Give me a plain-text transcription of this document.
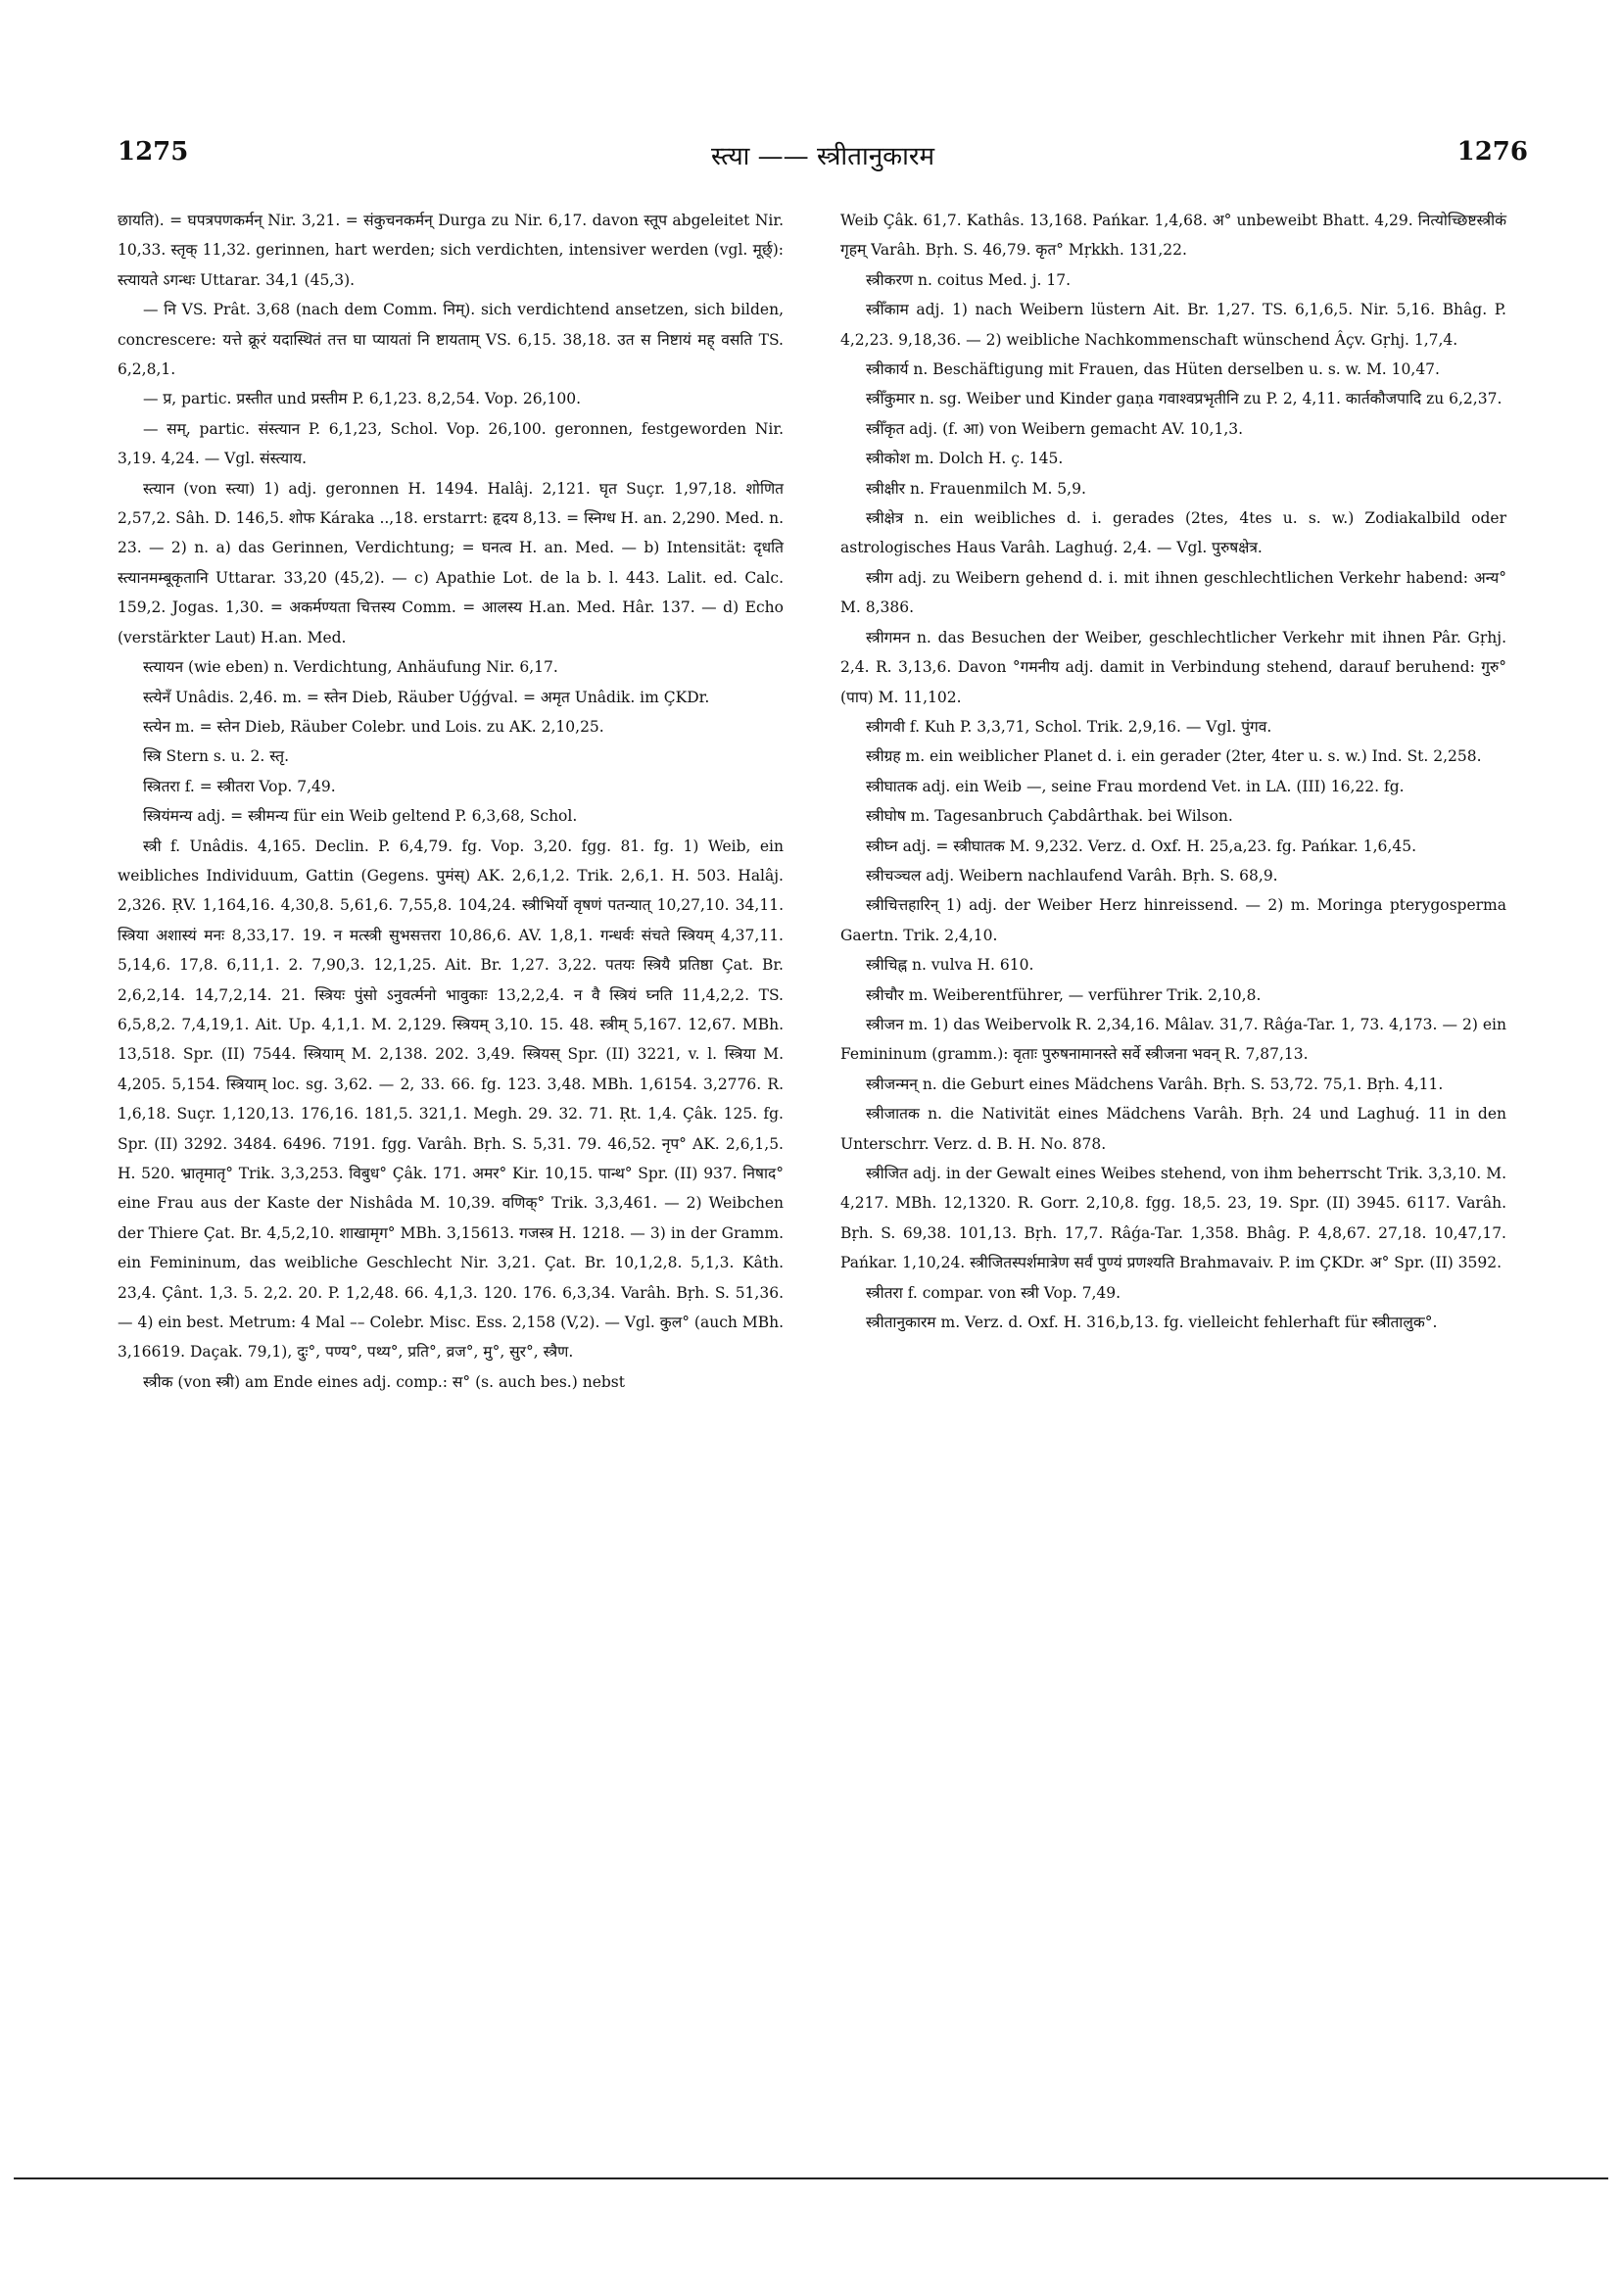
1275	स्त्या —— स्त्रीतानुकारम	1276

छायति). = घपत्रपणकर्मन् Nir. 3,21. = संकुचनकर्मन् Durga zu Nir. 6,17. davon स्तूप abgeleitet Nir. 10,33. स्तृक् 11,32. gerinnen, hart werden; sich verdichten, intensiver werden (vgl. मूर्छ्): स्त्यायते ऽगन्धः Uttarar. 34,1 (45,3).

— नि VS. Prât. 3,68 (nach dem Comm. निम्). sich verdichtend ansetzen, sich bilden, concrescere: यत्ते क्रूरं यदास्थितं तत्त घा प्यायतां नि ष्टायताम् VS. 6,15. 38,18. उत स निष्टायं मह् वसति TS. 6,2,8,1.

— प्र, partic. प्रस्तीत und प्रस्तीम P. 6,1,23. 8,2,54. Vop. 26,100.

— सम्, partic. संस्त्यान P. 6,1,23, Schol. Vop. 26,100. geronnen, festgeworden Nir. 3,19. 4,24. — Vgl. संस्त्याय.

स्त्यान (von स्त्या) 1) adj. geronnen H. 1494. Halâj. 2,121. घृत Suçr. 1,97,18. शोणित 2,57,2. Sâh. D. 146,5. शोफ Káraka ..,18. erstarrt: हृदय 8,13. = स्निग्ध H. an. 2,290. Med. n. 23. — 2) n. a) das Gerinnen, Verdichtung; = घनत्व H. an. Med. — b) Intensität: दृधति स्त्यानमम्बूकृतानि Uttarar. 33,20 (45,2). — c) Apathie Lot. de la b. l. 443. Lalit. ed. Calc. 159,2. Jogas. 1,30. = अकर्मण्यता चित्तस्य Comm. = आलस्य H.an. Med. Hâr. 137. — d) Echo (verstärkter Laut) H.an. Med.

स्त्यायन (wie eben) n. Verdichtung, Anhäufung Nir. 6,17.

स्त्येनँ Unâdis. 2,46. m. = स्तेन Dieb, Räuber Uǵǵval. = अमृत Unâdik. im ÇKDr.

स्त्येन m. = स्तेन Dieb, Räuber Colebr. und Lois. zu AK. 2,10,25.

स्त्रि Stern s. u. 2. स्तृ.

स्त्रितरा f. = स्त्रीतरा Vop. 7,49.

स्त्रियंमन्य adj. = स्त्रीमन्य für ein Weib geltend P. 6,3,68, Schol.

स्त्री f. Unâdis. 4,165. Declin. P. 6,4,79. fg. Vop. 3,20. fgg. 81. fg. 1) Weib, ein weibliches Individuum, Gattin (Gegens. पुमंस्) AK. 2,6,1,2. Trik. 2,6,1. H. 503. Halâj. 2,326. ṚV. 1,164,16. 4,30,8. 5,61,6. 7,55,8. 104,24. स्त्रीभिर्यो वृषणं पतन्यात् 10,27,10. 34,11. स्त्रिया अशास्यं मनः 8,33,17. 19. न मत्स्त्री सुभसत्तरा 10,86,6. AV. 1,8,1. गन्धर्वः संचते स्त्रियम् 4,37,11. 5,14,6. 17,8. 6,11,1. 2. 7,90,3. 12,1,25. Ait. Br. 1,27. 3,22. पतयः स्त्रियै प्रतिष्ठा Çat. Br. 2,6,2,14. 14,7,2,14. 21. स्त्रियः पुंसो ऽनुवर्त्मनो भावुकाः 13,2,2,4. न वै स्त्रियं घ्नति 11,4,2,2. TS. 6,5,8,2. 7,4,19,1. Ait. Up. 4,1,1. M. 2,129. स्त्रियम् 3,10. 15. 48. स्त्रीम् 5,167. 12,67. MBh. 13,518. Spr. (II) 7544. स्त्रियाम् M. 2,138. 202. 3,49. स्त्रियस् Spr. (II) 3221, v. l. स्त्रिया M. 4,205. 5,154. स्त्रियाम् loc. sg. 3,62. — 2, 33. 66. fg. 123. 3,48. MBh. 1,6154. 3,2776. R. 1,6,18. Suçr. 1,120,13. 176,16. 181,5. 321,1. Megh. 29. 32. 71. Ṛt. 1,4. Çâk. 125. fg. Spr. (II) 3292. 3484. 6496. 7191. fgg. Varâh. Bṛh. S. 5,31. 79. 46,52. नृप° AK. 2,6,1,5. H. 520. भ्रातृमातृ° Trik. 3,3,253. विबुध° Çâk. 171. अमर° Kir. 10,15. पान्थ° Spr. (II) 937. निषाद° eine Frau aus der Kaste der Nishâda M. 10,39. वणिक्° Trik. 3,3,461. — 2) Weibchen der Thiere Çat. Br. 4,5,2,10. शाखामृग° MBh. 3,15613. गजस्त्र H. 1218. — 3) in der Gramm. ein Femininum, das weibliche Geschlecht Nir. 3,21. Çat. Br. 10,1,2,8. 5,1,3. Kâth. 23,4. Çânt. 1,3. 5. 2,2. 20. P. 1,2,48. 66. 4,1,3. 120. 176. 6,3,34. Varâh. Bṛh. S. 51,36. — 4) ein best. Metrum: 4 Mal –– Colebr. Misc. Ess. 2,158 (V,2). — Vgl. कुल° (auch MBh. 3,16619. Daçak. 79,1), दुः°, पण्य°, पथ्य°, प्रति°, व्रज°, मु°, सुर°, स्त्रैण.

स्त्रीक (von स्त्री) am Ende eines adj. comp.: स° (s. auch bes.) nebst

Weib Çâk. 61,7. Kathâs. 13,168. Pańkar. 1,4,68. अ° unbeweibt Bhatt. 4,29. नित्योच्छिष्टस्त्रीकं गृहम् Varâh. Bṛh. S. 46,79. कृत° Mṛkkh. 131,22.

स्त्रीकरण n. coitus Med. j. 17.

स्त्रीँकाम adj. 1) nach Weibern lüstern Ait. Br. 1,27. TS. 6,1,6,5. Nir. 5,16. Bhâg. P. 4,2,23. 9,18,36. — 2) weibliche Nachkommenschaft wünschend Âçv. Gṛhj. 1,7,4.

स्त्रीकार्य n. Beschäftigung mit Frauen, das Hüten derselben u. s. w. M. 10,47.

स्त्रीँकुमार n. sg. Weiber und Kinder gaṇa गवाश्वप्रभृतीनि zu P. 2, 4,11. कार्तकौजपादि zu 6,2,37.

स्त्रीँकृत adj. (f. आ) von Weibern gemacht AV. 10,1,3.

स्त्रीकोश m. Dolch H. ç. 145.

स्त्रीक्षीर n. Frauenmilch M. 5,9.

स्त्रीक्षेत्र n. ein weibliches d. i. gerades (2tes, 4tes u. s. w.) Zodiakalbild oder astrologisches Haus Varâh. Laghuǵ. 2,4. — Vgl. पुरुषक्षेत्र.

स्त्रीग adj. zu Weibern gehend d. i. mit ihnen geschlechtlichen Verkehr habend: अन्य° M. 8,386.

स्त्रीगमन n. das Besuchen der Weiber, geschlechtlicher Verkehr mit ihnen Pâr. Gṛhj. 2,4. R. 3,13,6. Davon °गमनीय adj. damit in Verbindung stehend, darauf beruhend: गुरु° (पाप) M. 11,102.

स्त्रीगवी f. Kuh P. 3,3,71, Schol. Trik. 2,9,16. — Vgl. पुंगव.

स्त्रीग्रह m. ein weiblicher Planet d. i. ein gerader (2ter, 4ter u. s. w.) Ind. St. 2,258.

स्त्रीघातक adj. ein Weib —, seine Frau mordend Vet. in LA. (III) 16,22. fg.

स्त्रीघोष m. Tagesanbruch Çabdârthak. bei Wilson.

स्त्रीघ्न adj. = स्त्रीघातक M. 9,232. Verz. d. Oxf. H. 25,a,23. fg. Pańkar. 1,6,45.

स्त्रीचञ्चल adj. Weibern nachlaufend Varâh. Bṛh. S. 68,9.

स्त्रीचित्तहारिन् 1) adj. der Weiber Herz hinreissend. — 2) m. Moringa pterygosperma Gaertn. Trik. 2,4,10.

स्त्रीचिह्न n. vulva H. 610.

स्त्रीचौर m. Weiberentführer, — verführer Trik. 2,10,8.

स्त्रीजन m. 1) das Weibervolk R. 2,34,16. Mâlav. 31,7. Râǵa-Tar. 1, 73. 4,173. — 2) ein Femininum (gramm.): वृताः पुरुषनामानस्ते सर्वे स्त्रीजना भवन् R. 7,87,13.

स्त्रीजन्मन् n. die Geburt eines Mädchens Varâh. Bṛh. S. 53,72. 75,1. Bṛh. 4,11.

स्त्रीजातक n. die Nativität eines Mädchens Varâh. Bṛh. 24 und Laghuǵ. 11 in den Unterschrr. Verz. d. B. H. No. 878.

स्त्रीजित adj. in der Gewalt eines Weibes stehend, von ihm beherrscht Trik. 3,3,10. M. 4,217. MBh. 12,1320. R. Gorr. 2,10,8. fgg. 18,5. 23, 19. Spr. (II) 3945. 6117. Varâh. Bṛh. S. 69,38. 101,13. Bṛh. 17,7. Râǵa-Tar. 1,358. Bhâg. P. 4,8,67. 27,18. 10,47,17. Pańkar. 1,10,24. स्त्रीजितस्पर्शमात्रेण सर्वं पुण्यं प्रणश्यति Brahmavaiv. P. im ÇKDr. अ° Spr. (II) 3592.

स्त्रीतरा f. compar. von स्त्री Vop. 7,49.

स्त्रीतानुकारम m. Verz. d. Oxf. H. 316,b,13. fg. vielleicht fehlerhaft für स्त्रीतालुक°.
